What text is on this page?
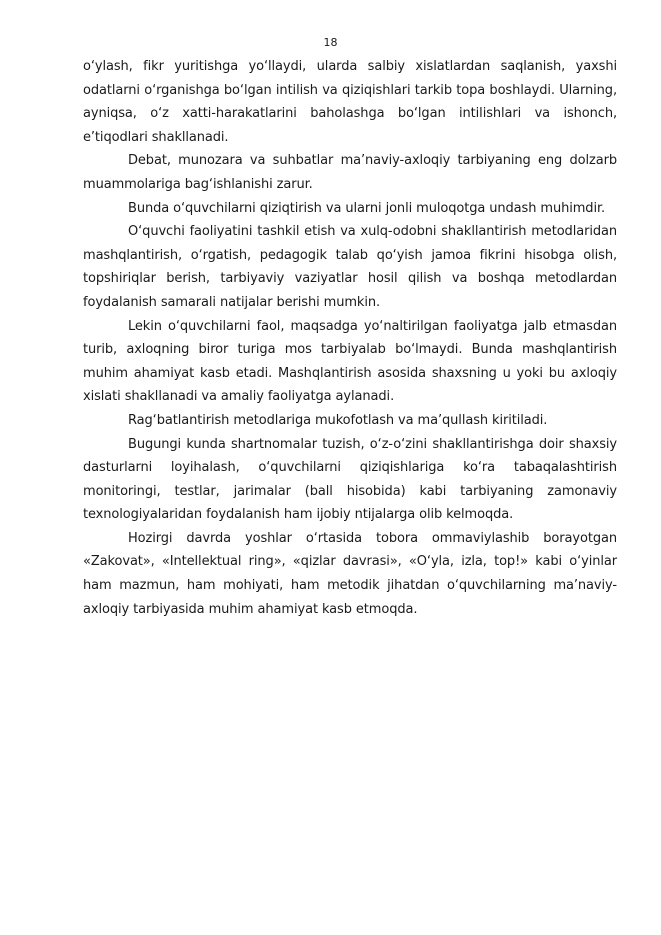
18

o‘ylash, fikr yuritishga yo‘llaydi, ularda salbiy xislatlardan saqlanish, yaxshi odatlarni o‘rganishga bo‘lgan intilish va qiziqishlari tarkib topa boshlaydi. Ularning, ayniqsa, o‘z xatti-harakatlarini baholashga bo‘lgan intilishlari va ishonch, e’tiqodlari shakllanadi.

Debat, munozara va suhbatlar ma’naviy-axloqiy tarbiyaning eng dolzarb muammolariga bag‘ishlanishi zarur.

Bunda o‘quvchilarni qiziqtirish va ularni jonli muloqotga undash muhimdir.

O‘quvchi faoliyatini tashkil etish va xulq-odobni shakllantirish metodlaridan mashqlantirish, o‘rgatish, pedagogik talab qo‘yish jamoa fikrini hisobga olish, topshiriqlar berish, tarbiyaviy vaziyatlar hosil qilish va boshqa metodlardan foydalanish samarali natijalar berishi mumkin.

Lekin o‘quvchilarni faol, maqsadga yo‘naltirilgan faoliyatga jalb etmasdan turib, axloqning biror turiga mos tarbiyalab bo‘lmaydi. Bunda mashqlantirish muhim ahamiyat kasb etadi. Mashqlantirish asosida shaxsning u yoki bu axloqiy xislati shakllanadi va amaliy faoliyatga aylanadi.

Rag‘batlantirish metodlariga mukofotlash va ma’qullash kiritiladi.

Bugungi kunda shartnomalar tuzish, o‘z-o‘zini shakllantirishga doir shaxsiy dasturlarni loyihalash, o‘quvchilarni qiziqishlariga ko‘ra tabaqalashtirish monitoringi, testlar, jarimalar (ball hisobida) kabi tarbiyaning zamonaviy texnologiyalaridan foydalanish ham ijobiy ntijalarga olib kelmoqda.

Hozirgi davrda yoshlar o‘rtasida tobora ommaviylashib borayotgan «Zakovat», «Intellektual ring», «qizlar davrasi», «O‘yla, izla, top!» kabi o‘yinlar ham mazmun, ham mohiyati, ham metodik jihatdan o‘quvchilarning ma’naviy-axloqiy tarbiyasida muhim ahamiyat kasb etmoqda.
